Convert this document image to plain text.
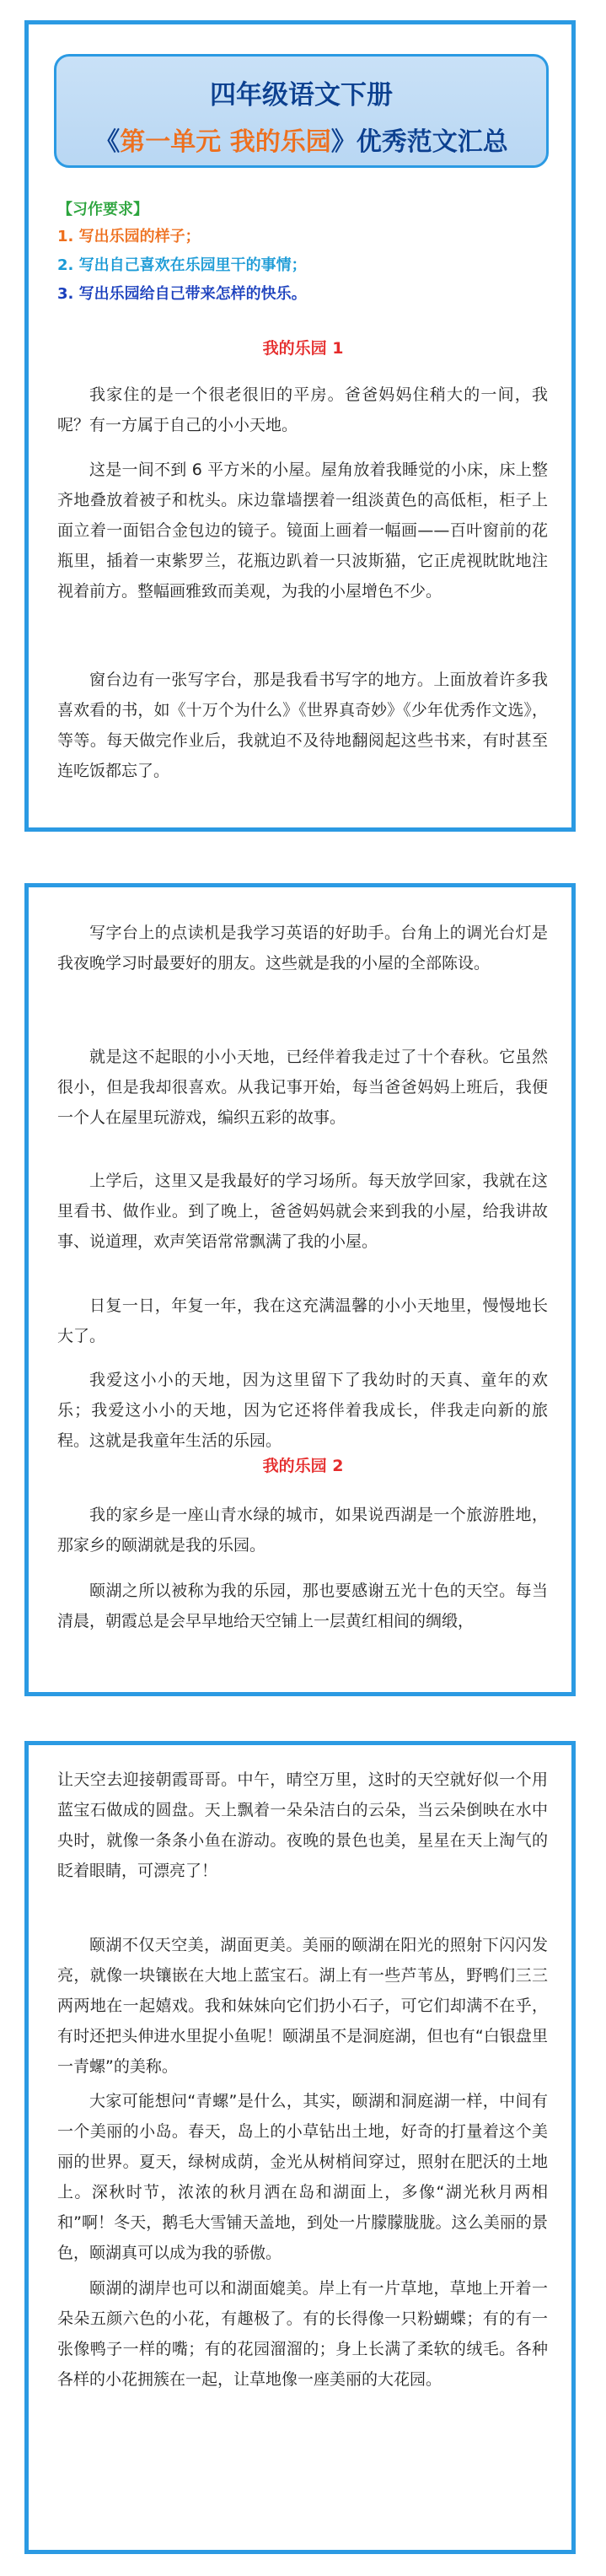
四年级语文下册
《第一单元 我的乐园》优秀范文汇总
【习作要求】
1. 写出乐园的样子；
2. 写出自己喜欢在乐园里干的事情；
3. 写出乐园给自己带来怎样的快乐。
我的乐园 1

我家住的是一个很老很旧的平房。爸爸妈妈住稍大的一间，我呢？有一方属于自己的小小天地。

这是一间不到 6 平方米的小屋。屋角放着我睡觉的小床，床上整齐地叠放着被子和枕头。床边靠墙摆着一组淡黄色的高低柜，柜子上面立着一面铝合金包边的镜子。镜面上画着一幅画——百叶窗前的花瓶里，插着一束紫罗兰，花瓶边趴着一只波斯猫，它正虎视眈眈地注视着前方。整幅画雅致而美观，为我的小屋增色不少。

窗台边有一张写字台，那是我看书写字的地方。上面放着许多我喜欢看的书，如《十万个为什么》《世界真奇妙》《少年优秀作文选》，等等。每天做完作业后，我就迫不及待地翻阅起这些书来，有时甚至连吃饭都忘了。

写字台上的点读机是我学习英语的好助手。台角上的调光台灯是我夜晚学习时最要好的朋友。这些就是我的小屋的全部陈设。

就是这不起眼的小小天地，已经伴着我走过了十个春秋。它虽然很小，但是我却很喜欢。从我记事开始，每当爸爸妈妈上班后，我便一个人在屋里玩游戏，编织五彩的故事。

上学后，这里又是我最好的学习场所。每天放学回家，我就在这里看书、做作业。到了晚上，爸爸妈妈就会来到我的小屋，给我讲故事、说道理，欢声笑语常常飘满了我的小屋。

日复一日，年复一年，我在这充满温馨的小小天地里，慢慢地长大了。

我爱这小小的天地，因为这里留下了我幼时的天真、童年的欢乐；我爱这小小的天地，因为它还将伴着我成长，伴我走向新的旅程。这就是我童年生活的乐园。

我的乐园 2

我的家乡是一座山青水绿的城市，如果说西湖是一个旅游胜地，那家乡的颐湖就是我的乐园。

颐湖之所以被称为我的乐园，那也要感谢五光十色的天空。每当清晨，朝霞总是会早早地给天空铺上一层黄红相间的绸缎，

让天空去迎接朝霞哥哥。中午，晴空万里，这时的天空就好似一个用蓝宝石做成的圆盘。天上飘着一朵朵洁白的云朵，当云朵倒映在水中央时，就像一条条小鱼在游动。夜晚的景色也美，星星在天上淘气的眨着眼睛，可漂亮了！

颐湖不仅天空美，湖面更美。美丽的颐湖在阳光的照射下闪闪发亮，就像一块镶嵌在大地上蓝宝石。湖上有一些芦苇丛，野鸭们三三两两地在一起嬉戏。我和妹妹向它们扔小石子，可它们却满不在乎，有时还把头伸进水里捉小鱼呢！颐湖虽不是洞庭湖，但也有“白银盘里一青螺”的美称。

大家可能想问“青螺”是什么，其实，颐湖和洞庭湖一样，中间有一个美丽的小岛。春天，岛上的小草钻出土地，好奇的打量着这个美丽的世界。夏天，绿树成荫，金光从树梢间穿过，照射在肥沃的土地上。深秋时节，浓浓的秋月洒在岛和湖面上，多像“湖光秋月两相和”啊！冬天，鹅毛大雪铺天盖地，到处一片朦朦胧胧。这么美丽的景色，颐湖真可以成为我的骄傲。

颐湖的湖岸也可以和湖面媲美。岸上有一片草地，草地上开着一朵朵五颜六色的小花，有趣极了。有的长得像一只粉蝴蝶；有的有一张像鸭子一样的嘴；有的花园溜溜的；身上长满了柔软的绒毛。各种各样的小花拥簇在一起，让草地像一座美丽的大花园。
